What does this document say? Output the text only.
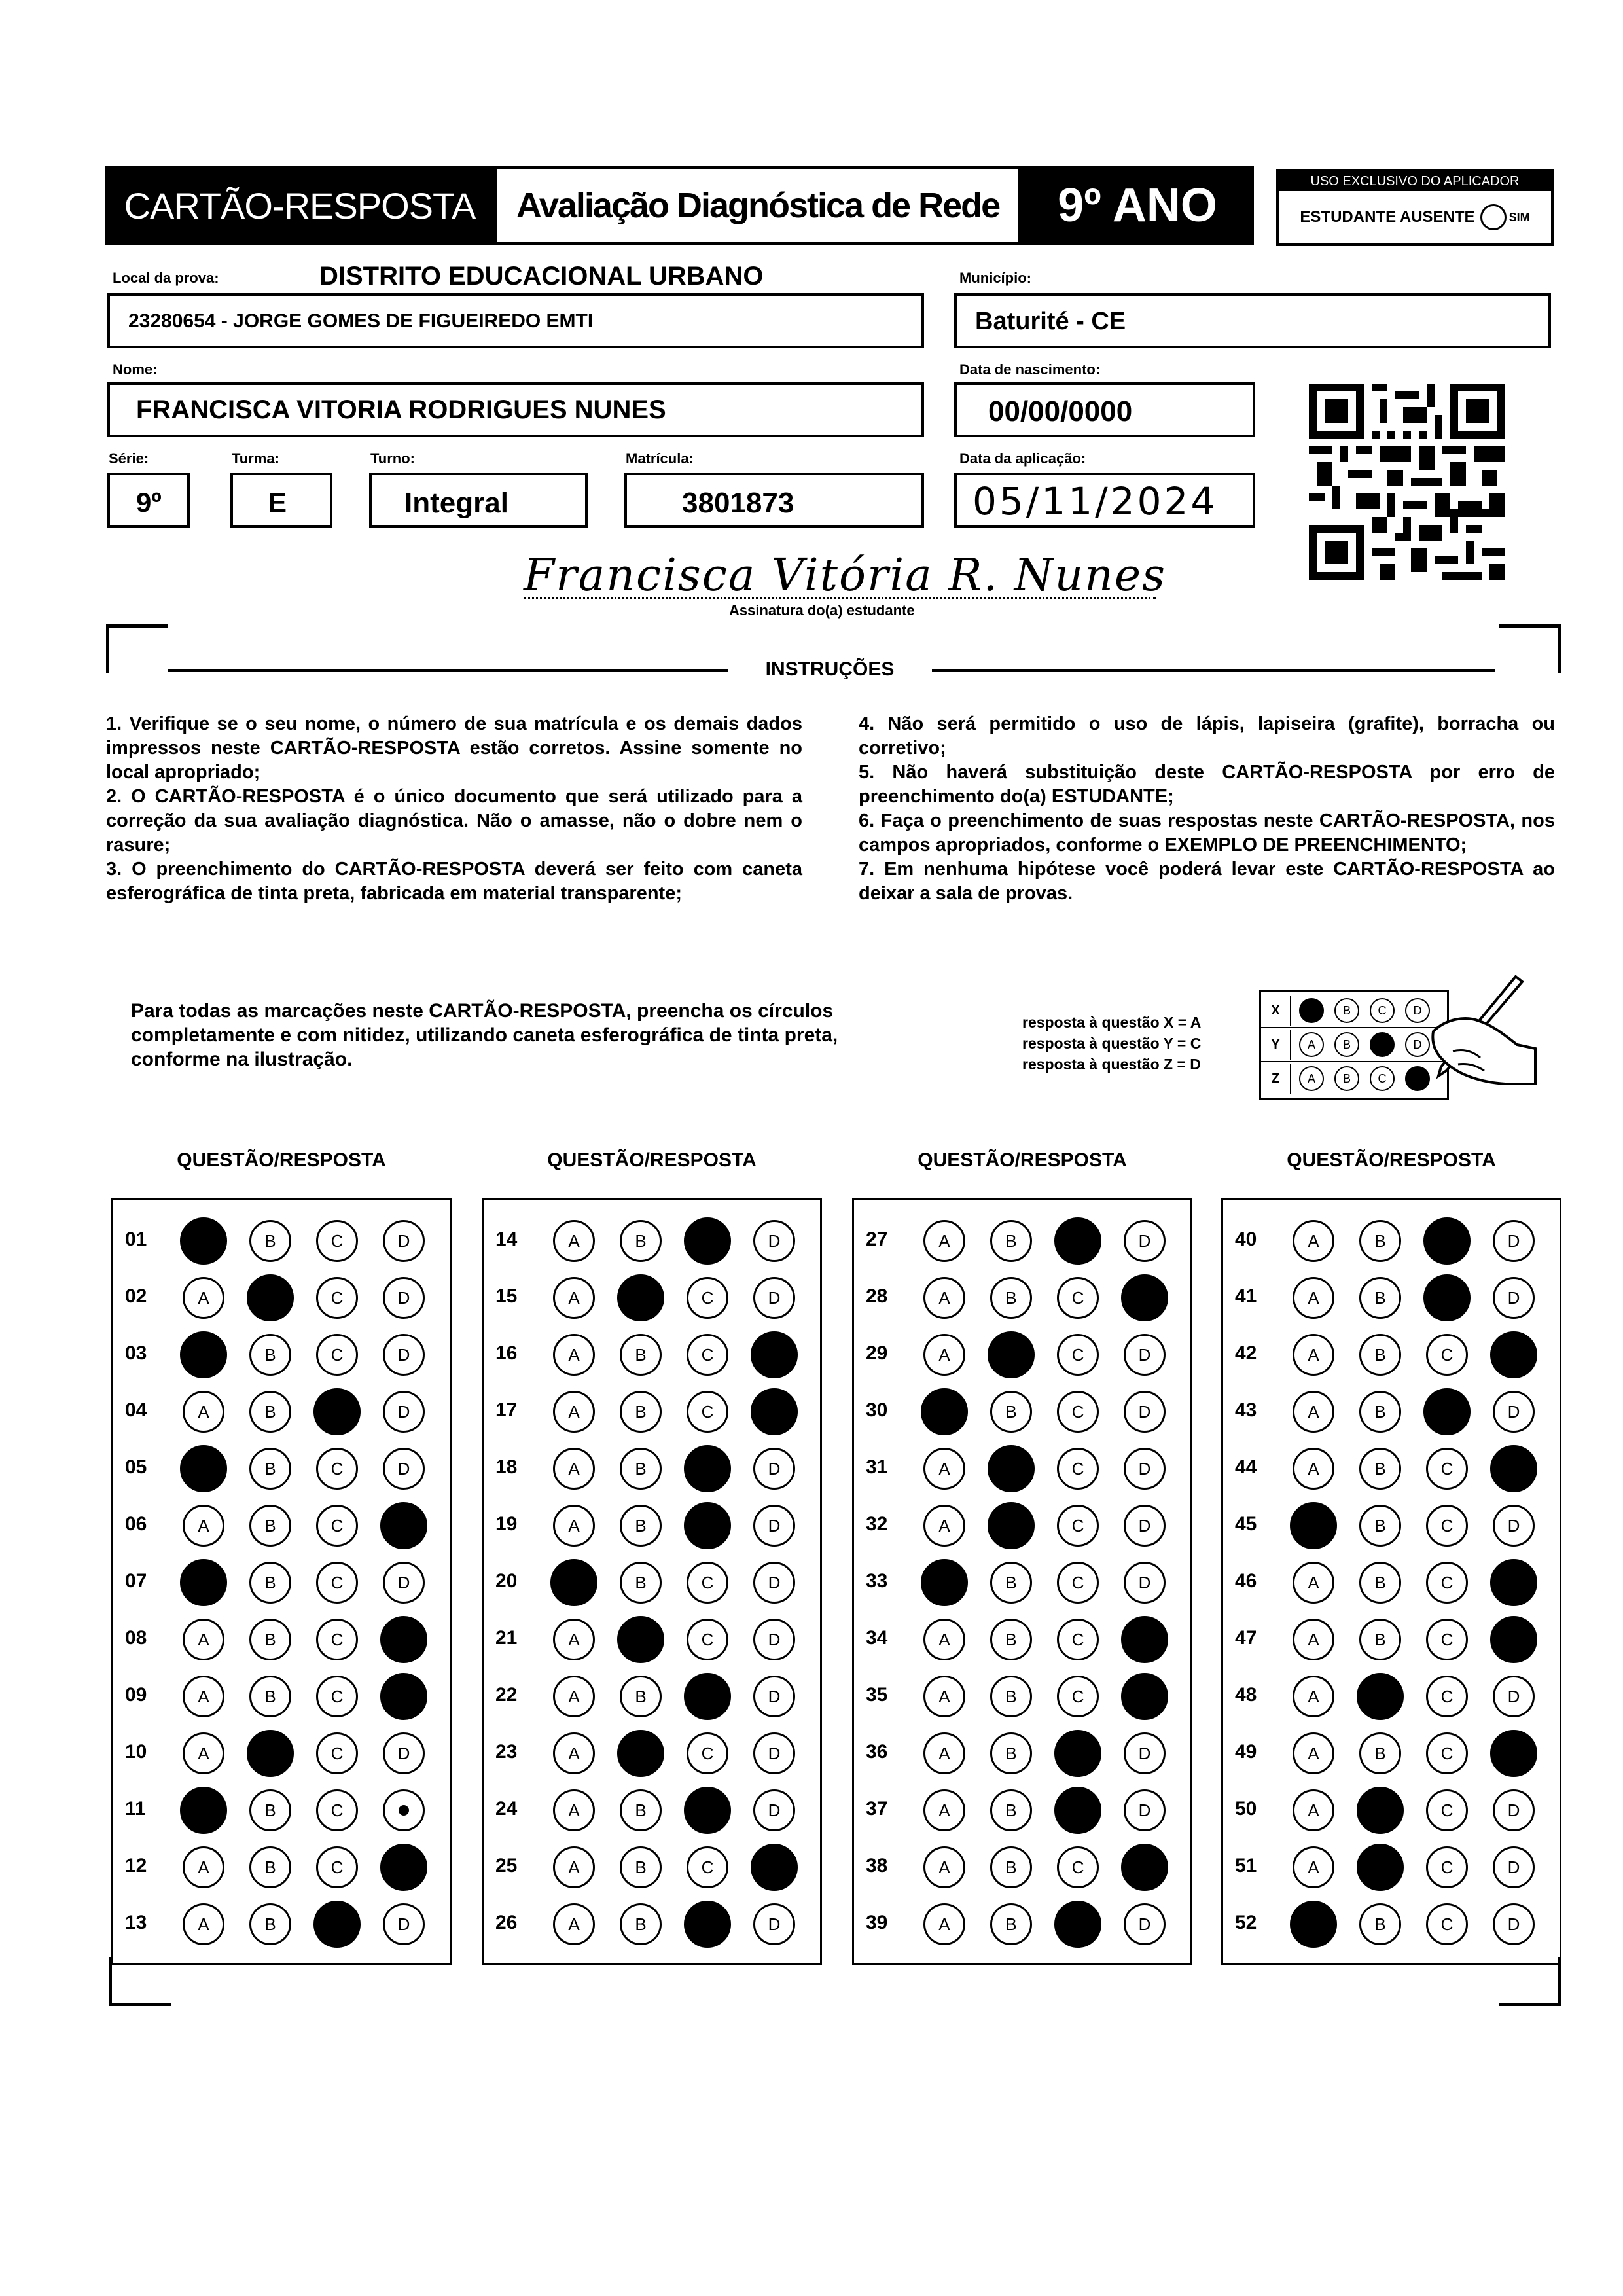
CARTÃO-RESPOSTA Avaliação Diagnóstica de Rede 9º ANO	USO EXCLUSIVO DO APLICADOR
ESTUDANTE AUSENTE	SIM
Local da prova:	DISTRITO EDUCACIONAL URBANO
23280654 - JORGE GOMES DE FIGUEIREDO EMTI
Município:
Baturité - CE
Nome:
FRANCISCA VITORIA RODRIGUES NUNES
Data de nascimento:
00/00/0000
Série:
9º
Turma:
E
Turno:
Integral
Matrícula:
3801873
Data da aplicação:
05/11/2024
Francisca Vitória R. Nunes
Assinatura do(a) estudante
INSTRUÇÕES

1. Verifique se o seu nome, o número de sua matrícula e os demais dados impressos neste CARTÃO-RESPOSTA estão corretos. Assine somente no local apropriado;

2. O CARTÃO-RESPOSTA é o único documento que será utilizado para a correção da sua avaliação diagnóstica. Não o amasse, não o dobre nem o rasure;

3. O preenchimento do CARTÃO-RESPOSTA deverá ser feito com caneta esferográfica de tinta preta, fabricada em material transparente;

4. Não será permitido o uso de lápis, lapiseira (grafite), borracha ou corretivo;

5. Não haverá substituição deste CARTÃO-RESPOSTA por erro de preenchimento do(a) ESTUDANTE;

6. Faça o preenchimento de suas respostas neste CARTÃO-RESPOSTA, nos campos apropriados, conforme o EXEMPLO DE PREENCHIMENTO;

7. Em nenhuma hipótese você poderá levar este CARTÃO-RESPOSTA ao deixar a sala de provas.

Para todas as marcações neste CARTÃO-RESPOSTA, preencha os círculos completamente e com nitidez, utilizando caneta esferográfica de tinta preta, conforme na ilustração.
resposta à questão X = A
resposta à questão Y = C
resposta à questão Z = D
X	B	C	D
Y	A	B	D
Z	A	B	C
QUESTÃO/RESPOSTA
01	B	C	D
02	A	C	D
03	B	C	D
04	A	B	D
05	B	C	D
06	A	B	C
07	B	C	D
08	A	B	C
09	A	B	C
10	A	C	D
11	B	C
12	A	B	C
13	A	B	D
QUESTÃO/RESPOSTA
14	A	B	D
15	A	C	D
16	A	B	C
17	A	B	C
18	A	B	D
19	A	B	D
20	B	C	D
21	A	C	D
22	A	B	D
23	A	C	D
24	A	B	D
25	A	B	C
26	A	B	D
QUESTÃO/RESPOSTA
27	A	B	D
28	A	B	C
29	A	C	D
30	B	C	D
31	A	C	D
32	A	C	D
33	B	C	D
34	A	B	C
35	A	B	C
36	A	B	D
37	A	B	D
38	A	B	C
39	A	B	D
QUESTÃO/RESPOSTA
40	A	B	D
41	A	B	D
42	A	B	C
43	A	B	D
44	A	B	C
45	B	C	D
46	A	B	C
47	A	B	C
48	A	C	D
49	A	B	C
50	A	C	D
51	A	C	D
52	B	C	D
